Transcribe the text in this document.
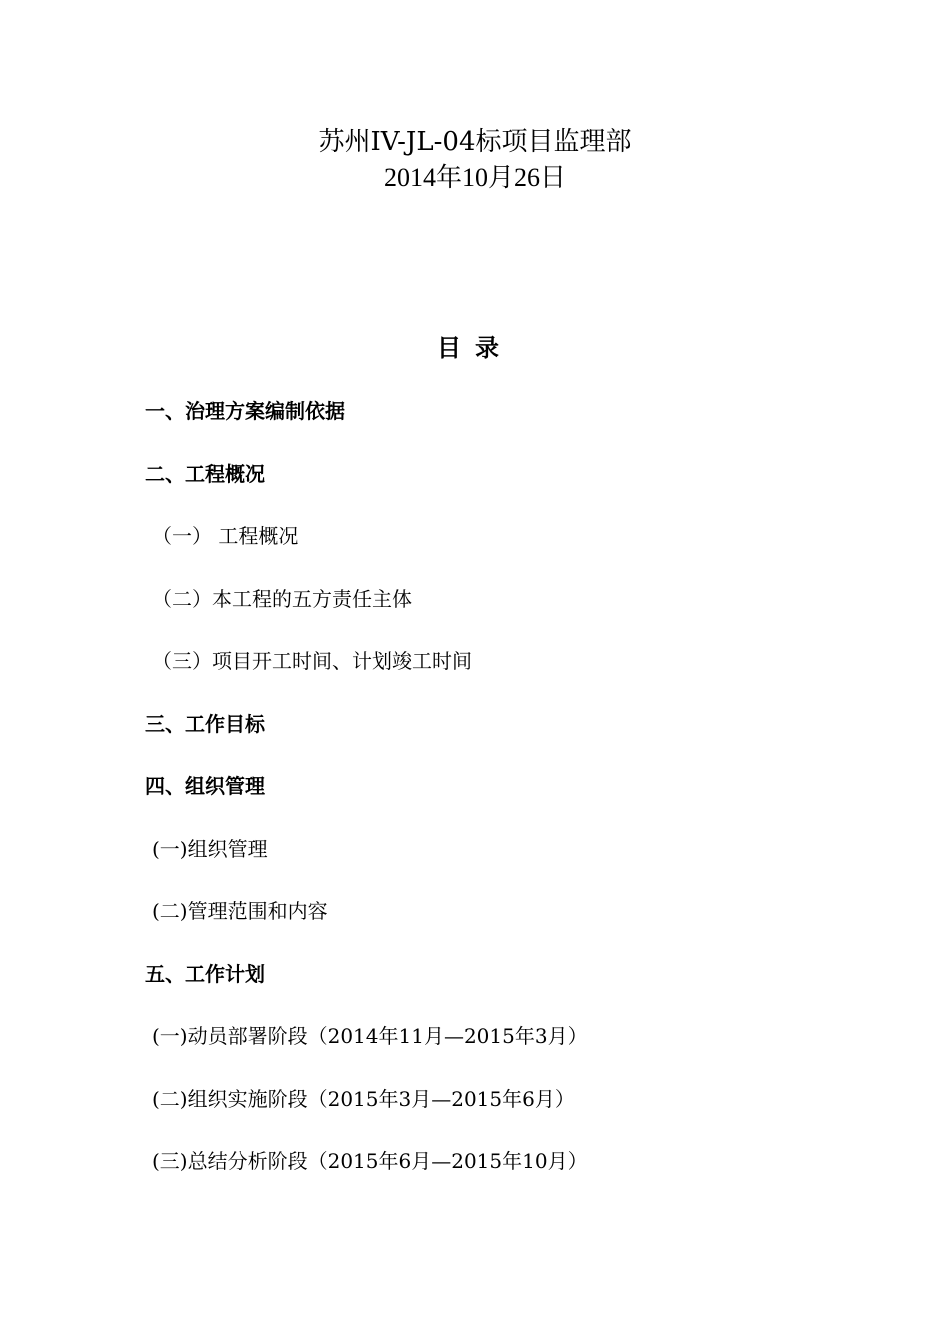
苏州IV-JL-04标项目监理部
2014年10月26日
目录
一、治理方案编制依据
二、工程概况
（一） 工程概况
（二）本工程的五方责任主体
（三）项目开工时间、计划竣工时间
三、工作目标
四、组织管理
(一)组织管理
(二)管理范围和内容
五、工作计划
(一)动员部署阶段（2014年11月—2015年3月）
(二)组织实施阶段（2015年3月—2015年6月）
(三)总结分析阶段（2015年6月—2015年10月）
